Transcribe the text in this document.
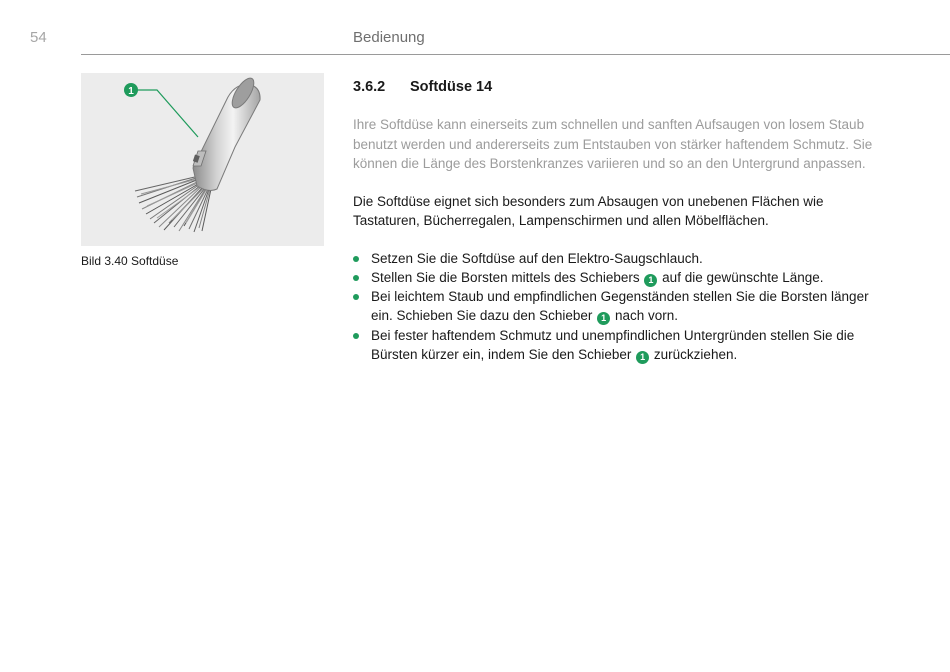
54	Bedienung
1
Bild 3.40 Softdüse
3.6.2	Softdüse 14

Ihre Softdüse kann einerseits zum schnellen und sanften Aufsaugen von losem Staub benutzt werden und andererseits zum Entstauben von stärker haftendem Schmutz. Sie können die Länge des Borstenkranzes variieren und so an den Untergrund anpassen.

Die Softdüse eignet sich besonders zum Absaugen von unebenen Flächen wie Tastaturen, Bücherregalen, Lampenschirmen und allen Möbelflächen.

Setzen Sie die Softdüse auf den Elektro-Saugschlauch.
Stellen Sie die Borsten mittels des Schiebers 1 auf die gewünschte Länge.
Bei leichtem Staub und empfindlichen Gegenständen stellen Sie die Borsten länger ein. Schieben Sie dazu den Schieber 1 nach vorn.
Bei fester haftendem Schmutz und unempfindlichen Untergründen stellen Sie die Bürsten kürzer ein, indem Sie den Schieber 1 zurückziehen.
